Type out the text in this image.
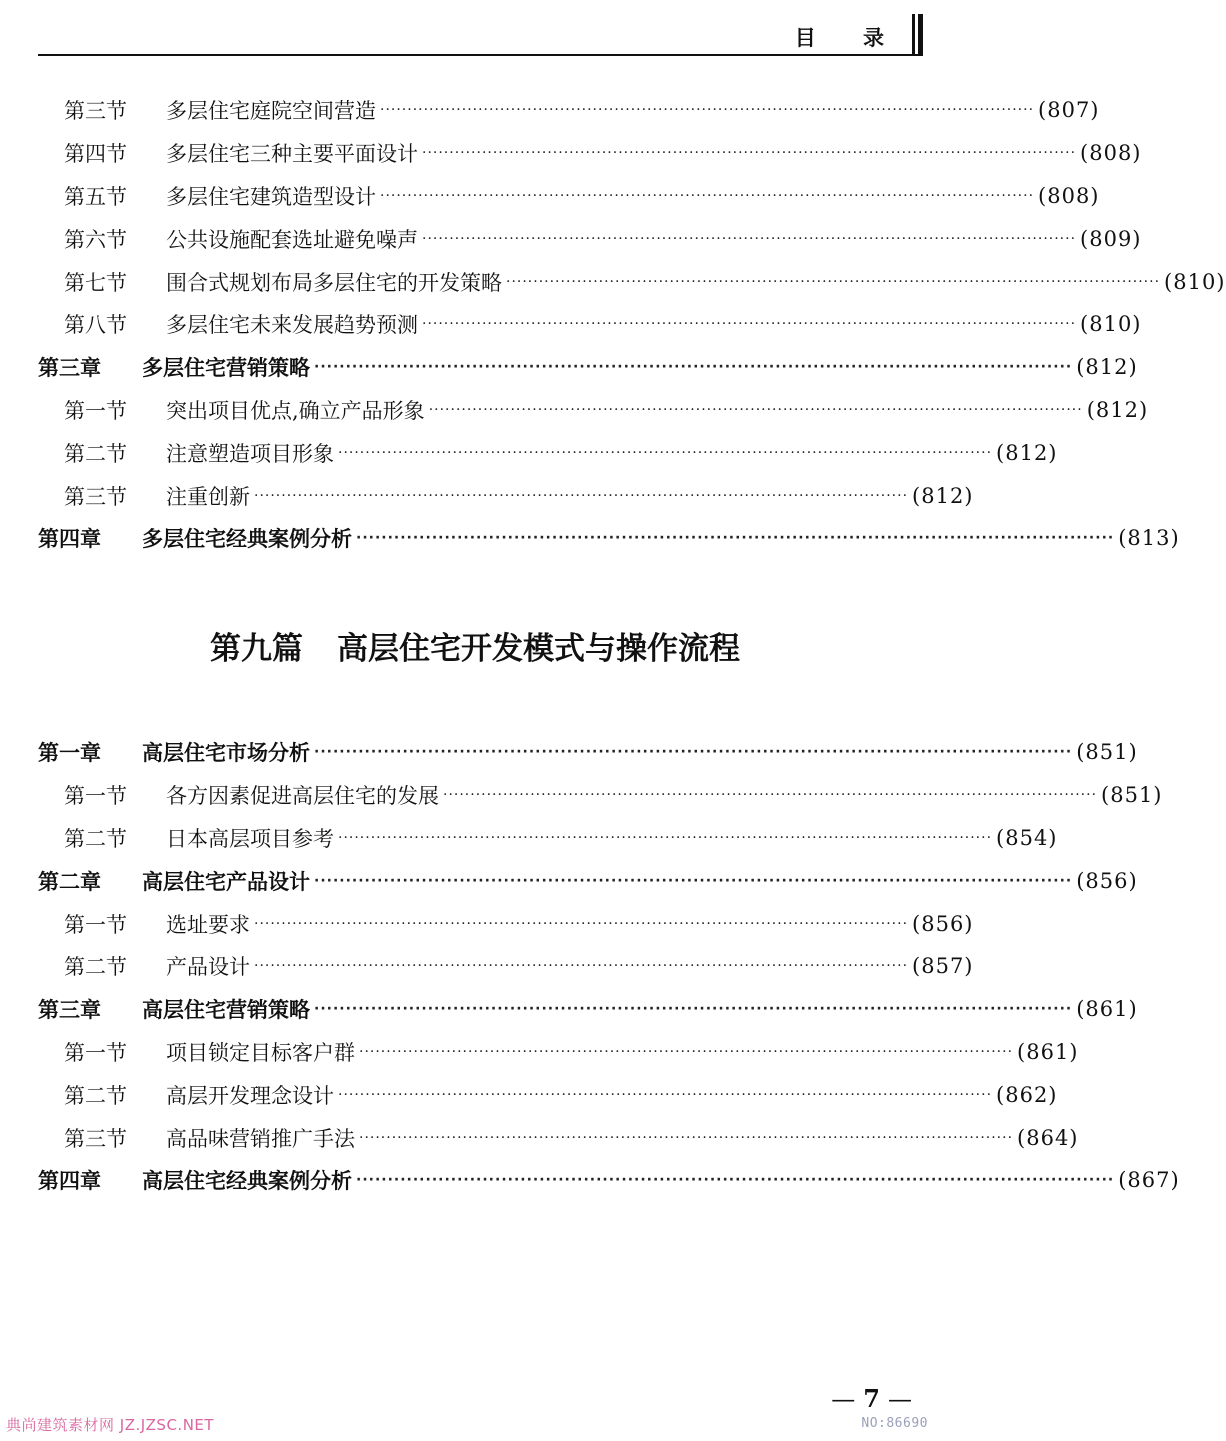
目 录
第三节	多层住宅庭院空间营造 ························································································································ (807)
第四节	多层住宅三种主要平面设计 ························································································································ (808)
第五节	多层住宅建筑造型设计 ························································································································ (808)
第六节	公共设施配套选址避免噪声 ························································································································ (809)
第七节	围合式规划布局多层住宅的开发策略 ························································································································ (810)
第八节	多层住宅未来发展趋势预测 ························································································································ (810)
第三章	多层住宅营销策略 ························································································································ (812)
第一节	突出项目优点,确立产品形象 ························································································································ (812)
第二节	注意塑造项目形象 ························································································································ (812)
第三节	注重创新 ························································································································ (812)
第四章	多层住宅经典案例分析 ························································································································ (813)
第九篇 高层住宅开发模式与操作流程
第一章	高层住宅市场分析 ························································································································ (851)
第一节	各方因素促进高层住宅的发展 ························································································································ (851)
第二节	日本高层项目参考 ························································································································ (854)
第二章	高层住宅产品设计 ························································································································ (856)
第一节	选址要求 ························································································································ (856)
第二节	产品设计 ························································································································ (857)
第三章	高层住宅营销策略 ························································································································ (861)
第一节	项目锁定目标客户群 ························································································································ (861)
第二节	高层开发理念设计 ························································································································ (862)
第三节	高品味营销推广手法 ························································································································ (864)
第四章	高层住宅经典案例分析 ························································································································ (867)
— 7 —
典尚建筑素材网 JZ.JZSC.NET	NO:86690
